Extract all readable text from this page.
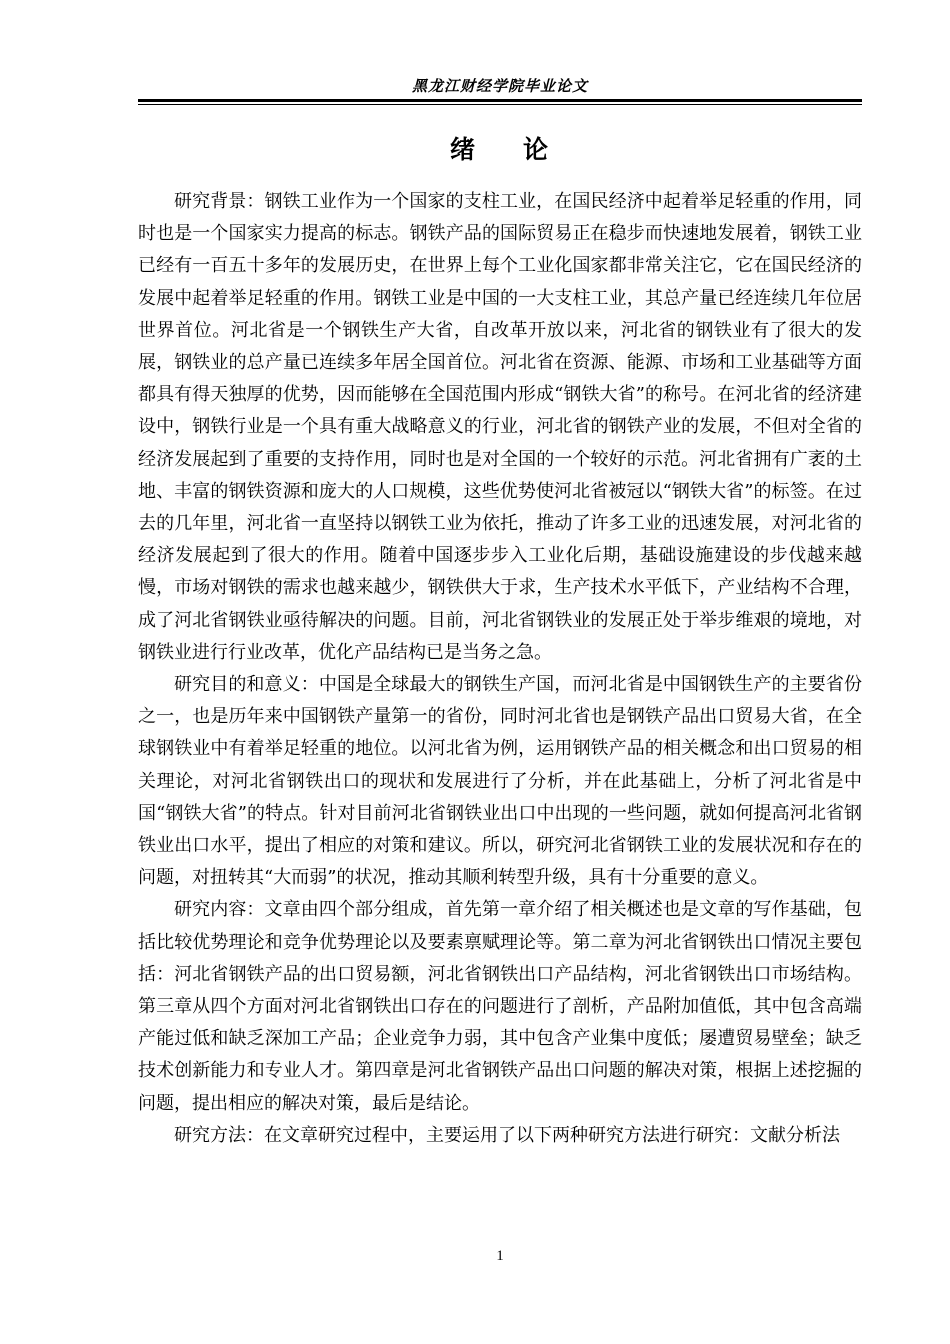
黑龙江财经学院毕业论文
绪 论

研究背景：钢铁工业作为一个国家的支柱工业，在国民经济中起着举足轻重的作用，同时也是一个国家实力提高的标志。钢铁产品的国际贸易正在稳步而快速地发展着，钢铁工业已经有一百五十多年的发展历史，在世界上每个工业化国家都非常关注它，它在国民经济的发展中起着举足轻重的作用。钢铁工业是中国的一大支柱工业，其总产量已经连续几年位居世界首位。河北省是一个钢铁生产大省，自改革开放以来，河北省的钢铁业有了很大的发展，钢铁业的总产量已连续多年居全国首位。河北省在资源、能源、市场和工业基础等方面都具有得天独厚的优势，因而能够在全国范围内形成“钢铁大省”的称号。在河北省的经济建设中，钢铁行业是一个具有重大战略意义的行业，河北省的钢铁产业的发展，不但对全省的经济发展起到了重要的支持作用，同时也是对全国的一个较好的示范。河北省拥有广袤的土地、丰富的钢铁资源和庞大的人口规模，这些优势使河北省被冠以“钢铁大省”的标签。在过去的几年里，河北省一直坚持以钢铁工业为依托，推动了许多工业的迅速发展，对河北省的经济发展起到了很大的作用。随着中国逐步步入工业化后期，基础设施建设的步伐越来越慢，市场对钢铁的需求也越来越少，钢铁供大于求，生产技术水平低下，产业结构不合理，成了河北省钢铁业亟待解决的问题。目前，河北省钢铁业的发展正处于举步维艰的境地，对钢铁业进行行业改革，优化产品结构已是当务之急。

研究目的和意义：中国是全球最大的钢铁生产国，而河北省是中国钢铁生产的主要省份之一，也是历年来中国钢铁产量第一的省份，同时河北省也是钢铁产品出口贸易大省，在全球钢铁业中有着举足轻重的地位。以河北省为例，运用钢铁产品的相关概念和出口贸易的相关理论，对河北省钢铁出口的现状和发展进行了分析，并在此基础上，分析了河北省是中国“钢铁大省”的特点。针对目前河北省钢铁业出口中出现的一些问题，就如何提高河北省钢铁业出口水平，提出了相应的对策和建议。所以，研究河北省钢铁工业的发展状况和存在的问题，对扭转其“大而弱”的状况，推动其顺利转型升级，具有十分重要的意义。

研究内容：文章由四个部分组成，首先第一章介绍了相关概述也是文章的写作基础，包括比较优势理论和竞争优势理论以及要素禀赋理论等。第二章为河北省钢铁出口情况主要包括：河北省钢铁产品的出口贸易额，河北省钢铁出口产品结构，河北省钢铁出口市场结构。第三章从四个方面对河北省钢铁出口存在的问题进行了剖析，产品附加值低，其中包含高端产能过低和缺乏深加工产品；企业竞争力弱，其中包含产业集中度低；屡遭贸易壁垒；缺乏技术创新能力和专业人才。第四章是河北省钢铁产品出口问题的解决对策，根据上述挖掘的问题，提出相应的解决对策，最后是结论。

研究方法：在文章研究过程中，主要运用了以下两种研究方法进行研究：文献分析法

1
